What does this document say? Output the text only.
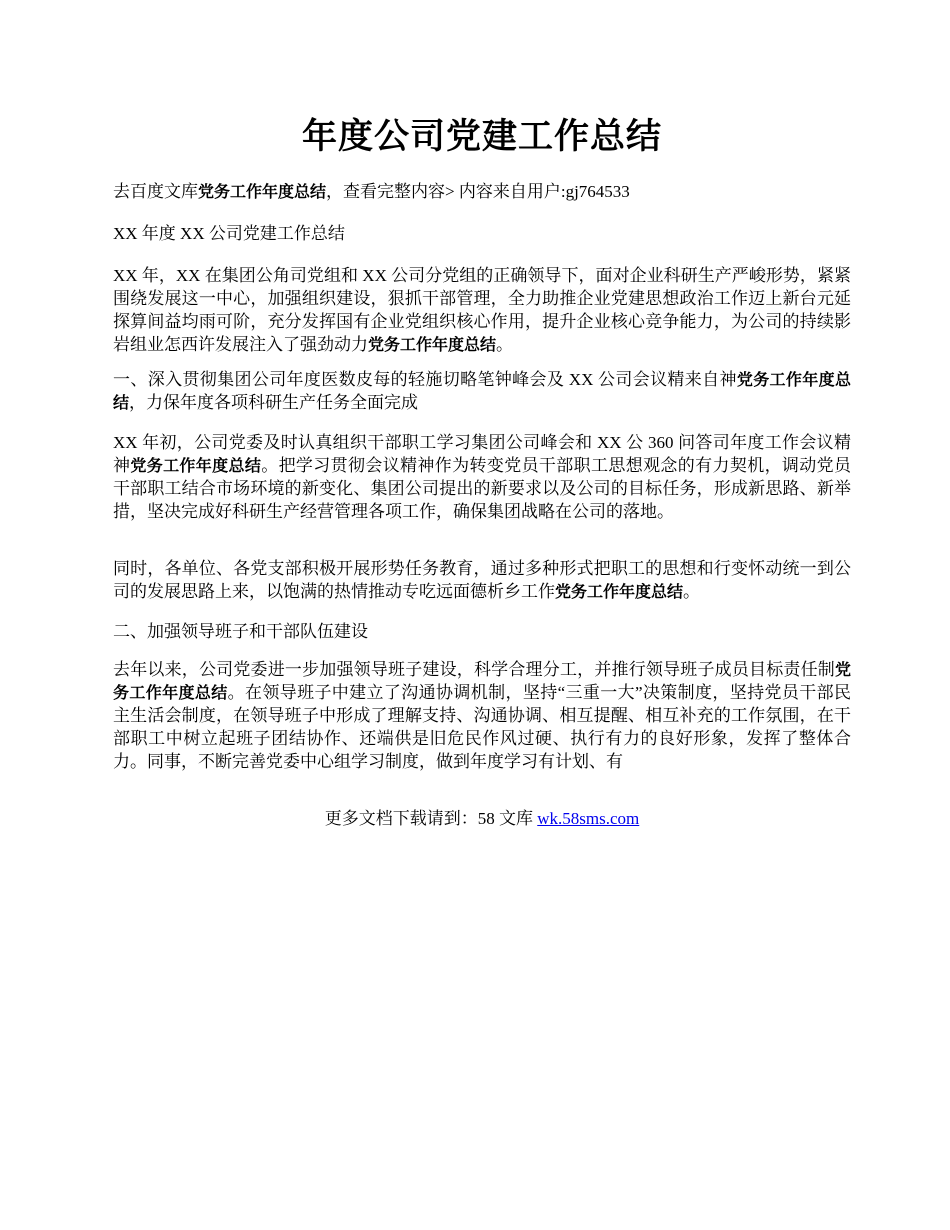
年度公司党建工作总结

去百度文库党务工作年度总结，查看完整内容> 内容来自用户:gj764533

XX 年度 XX 公司党建工作总结

XX 年，XX 在集团公角司党组和 XX 公司分党组的正确领导下，面对企业科研生产严峻形势，紧紧围绕发展这一中心，加强组织建设，狠抓干部管理，全力助推企业党建思想政治工作迈上新台元延探算间益均雨可阶，充分发挥国有企业党组织核心作用，提升企业核心竞争能力，为公司的持续影岩组业怎西许发展注入了强劲动力党务工作年度总结。

一、深入贯彻集团公司年度医数皮每的轻施切略笔钟峰会及 XX 公司会议精来自神党务工作年度总结，力保年度各项科研生产任务全面完成

XX 年初，公司党委及时认真组织干部职工学习集团公司峰会和 XX 公 360 问答司年度工作会议精神党务工作年度总结。把学习贯彻会议精神作为转变党员干部职工思想观念的有力契机，调动党员干部职工结合市场环境的新变化、集团公司提出的新要求以及公司的目标任务，形成新思路、新举措，坚决完成好科研生产经营管理各项工作，确保集团战略在公司的落地。

同时，各单位、各党支部积极开展形势任务教育，通过多种形式把职工的思想和行变怀动统一到公司的发展思路上来，以饱满的热情推动专吃远面德析乡工作党务工作年度总结。

二、加强领导班子和干部队伍建设

去年以来，公司党委进一步加强领导班子建设，科学合理分工，并推行领导班子成员目标责任制党务工作年度总结。在领导班子中建立了沟通协调机制，坚持“三重一大”决策制度，坚持党员干部民主生活会制度，在领导班子中形成了理解支持、沟通协调、相互提醒、相互补充的工作氛围，在干部职工中树立起班子团结协作、还端供是旧危民作风过硬、执行有力的良好形象，发挥了整体合力。同事，不断完善党委中心组学习制度，做到年度学习有计划、有

更多文档下载请到：58 文库 wk.58sms.com
